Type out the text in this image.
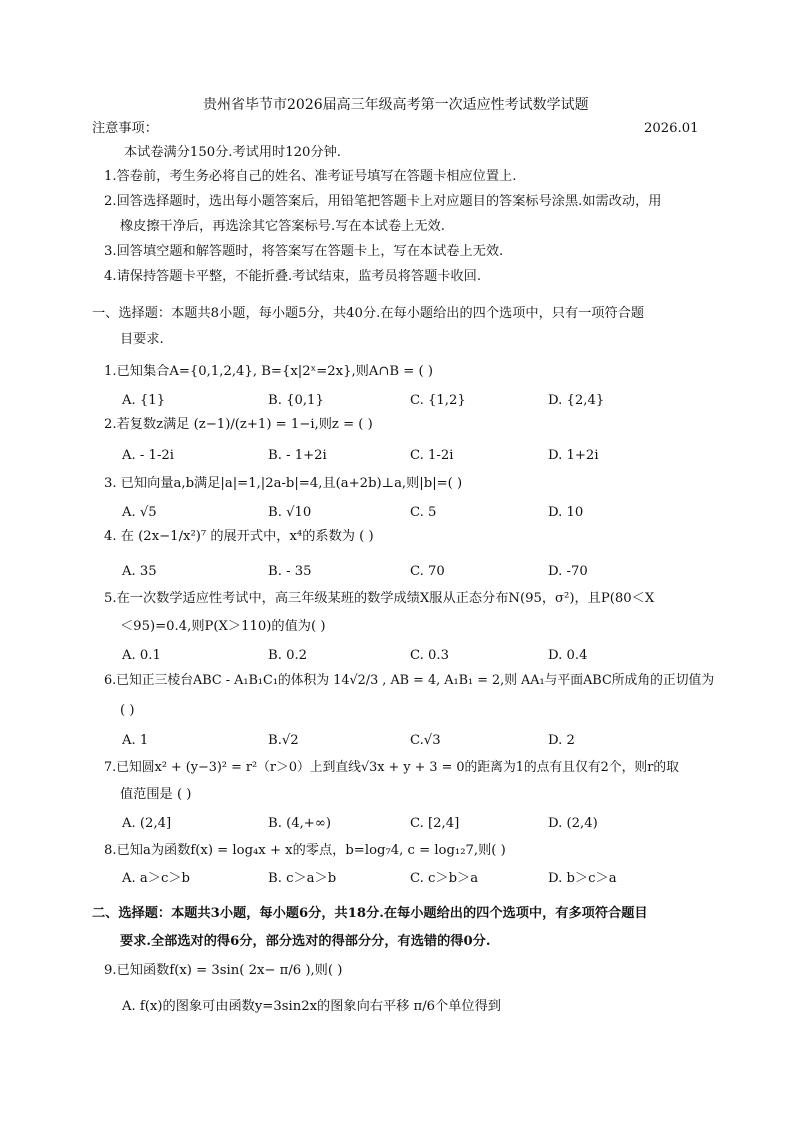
贵州省毕节市2026届高三年级高考第一次适应性考试数学试题
注意事项：	2026.01
本试卷满分150分.考试用时120分钟.
1.答卷前，考生务必将自己的姓名、准考证号填写在答题卡相应位置上.
2.回答选择题时，选出每小题答案后，用铅笔把答题卡上对应题目的答案标号涂黑.如需改动，用
橡皮擦干净后，再选涂其它答案标号.写在本试卷上无效.
3.回答填空题和解答题时，将答案写在答题卡上，写在本试卷上无效.
4.请保持答题卡平整，不能折叠.考试结束，监考员将答题卡收回.
一、选择题：本题共8小题，每小题5分，共40分.在每小题给出的四个选项中，只有一项符合题
目要求.
1.已知集合A={0,1,2,4}, B={x|2ˣ=2x},则A∩B = ( )
A. {1}	B. {0,1}	C. {1,2}	D. {2,4}
2.若复数z满足 (z−1)/(z+1) = 1−i,则z = ( )
A. - 1-2i	B. - 1+2i	C. 1-2i	D. 1+2i
3. 已知向量a,b满足|a|=1,|2a-b|=4,且(a+2b)⊥a,则|b|=( )
A. √5	B. √10	C. 5	D. 10
4. 在 (2x−1/x²)⁷ 的展开式中，x⁴的系数为 ( )
A. 35	B. - 35	C. 70	D. -70
5.在一次数学适应性考试中，高三年级某班的数学成绩X服从正态分布N(95，σ²)，且P(80＜X
＜95)=0.4,则P(X＞110)的值为( )
A. 0.1	B. 0.2	C. 0.3	D. 0.4
6.已知正三棱台ABC - A₁B₁C₁的体积为 14√2/3 , AB = 4, A₁B₁ = 2,则 AA₁与平面ABC所成角的正切值为
( )
A. 1	B.√2	C.√3	D. 2
7.已知圆x² + (y−3)² = r²（r＞0）上到直线√3x + y + 3 = 0的距离为1的点有且仅有2个，则r的取
值范围是 ( )
A. (2,4]	B. (4,+∞)	C. [2,4]	D. (2,4)
8.已知a为函数f(x) = log₄x + x的零点，b=log₇4, c = log₁₂7,则( )
A. a＞c＞b	B. c＞a＞b	C. c＞b＞a	D. b＞c＞a
二、选择题：本题共3小题，每小题6分，共18分.在每小题给出的四个选项中，有多项符合题目
要求.全部选对的得6分，部分选对的得部分分，有选错的得0分.
9.已知函数f(x) = 3sin( 2x− π/6 ),则( )
A. f(x)的图象可由函数y=3sin2x的图象向右平移 π/6个单位得到
